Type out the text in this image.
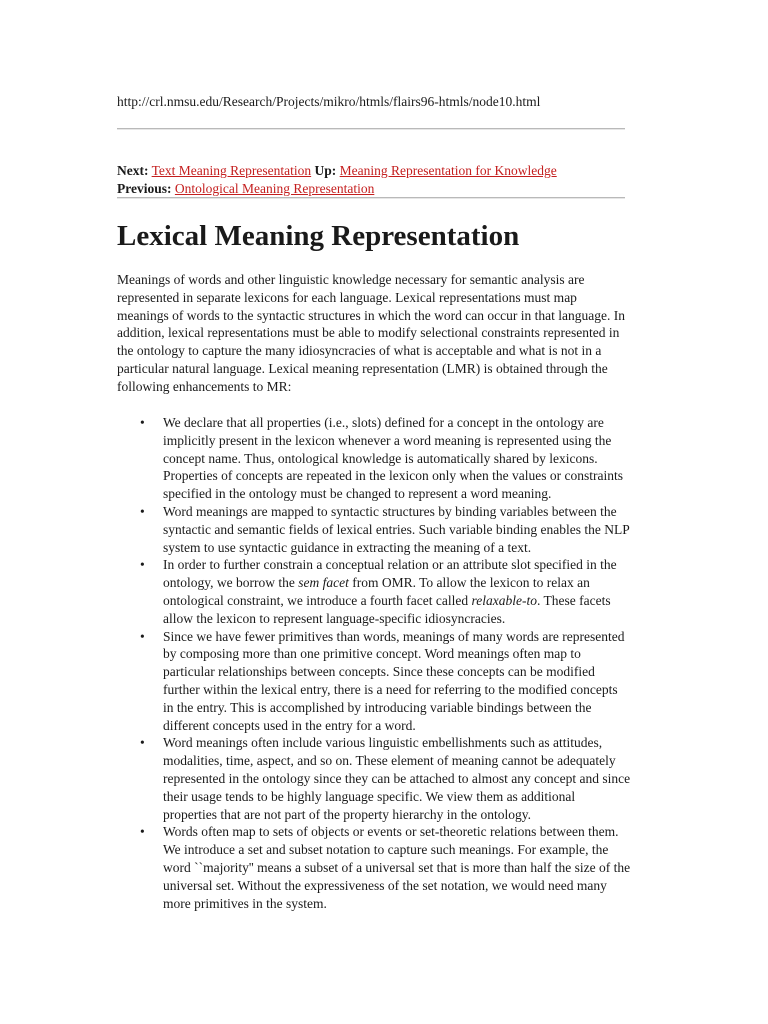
http://crl.nmsu.edu/Research/Projects/mikro/htmls/flairs96-htmls/node10.html
Next: Text Meaning Representation Up: Meaning Representation for Knowledge
Previous: Ontological Meaning Representation
Lexical Meaning Representation

Meanings of words and other linguistic knowledge necessary for semantic analysis are represented in separate lexicons for each language. Lexical representations must map meanings of words to the syntactic structures in which the word can occur in that language. In addition, lexical representations must be able to modify selectional constraints represented in the ontology to capture the many idiosyncracies of what is acceptable and what is not in a particular natural language. Lexical meaning representation (LMR) is obtained through the following enhancements to MR:

• We declare that all properties (i.e., slots) defined for a concept in the ontology are implicitly present in the lexicon whenever a word meaning is represented using the concept name. Thus, ontological knowledge is automatically shared by lexicons. Properties of concepts are repeated in the lexicon only when the values or constraints specified in the ontology must be changed to represent a word meaning.
• Word meanings are mapped to syntactic structures by binding variables between the syntactic and semantic fields of lexical entries. Such variable binding enables the NLP system to use syntactic guidance in extracting the meaning of a text.
• In order to further constrain a conceptual relation or an attribute slot specified in the ontology, we borrow the sem facet from OMR. To allow the lexicon to relax an ontological constraint, we introduce a fourth facet called relaxable-to. These facets allow the lexicon to represent language-specific idiosyncracies.
• Since we have fewer primitives than words, meanings of many words are represented by composing more than one primitive concept. Word meanings often map to particular relationships between concepts. Since these concepts can be modified further within the lexical entry, there is a need for referring to the modified concepts in the entry. This is accomplished by introducing variable bindings between the different concepts used in the entry for a word.
• Word meanings often include various linguistic embellishments such as attitudes, modalities, time, aspect, and so on. These element of meaning cannot be adequately represented in the ontology since they can be attached to almost any concept and since their usage tends to be highly language specific. We view them as additional properties that are not part of the property hierarchy in the ontology.
• Words often map to sets of objects or events or set-theoretic relations between them. We introduce a set and subset notation to capture such meanings. For example, the word ``majority'' means a subset of a universal set that is more than half the size of the universal set. Without the expressiveness of the set notation, we would need many more primitives in the system.
